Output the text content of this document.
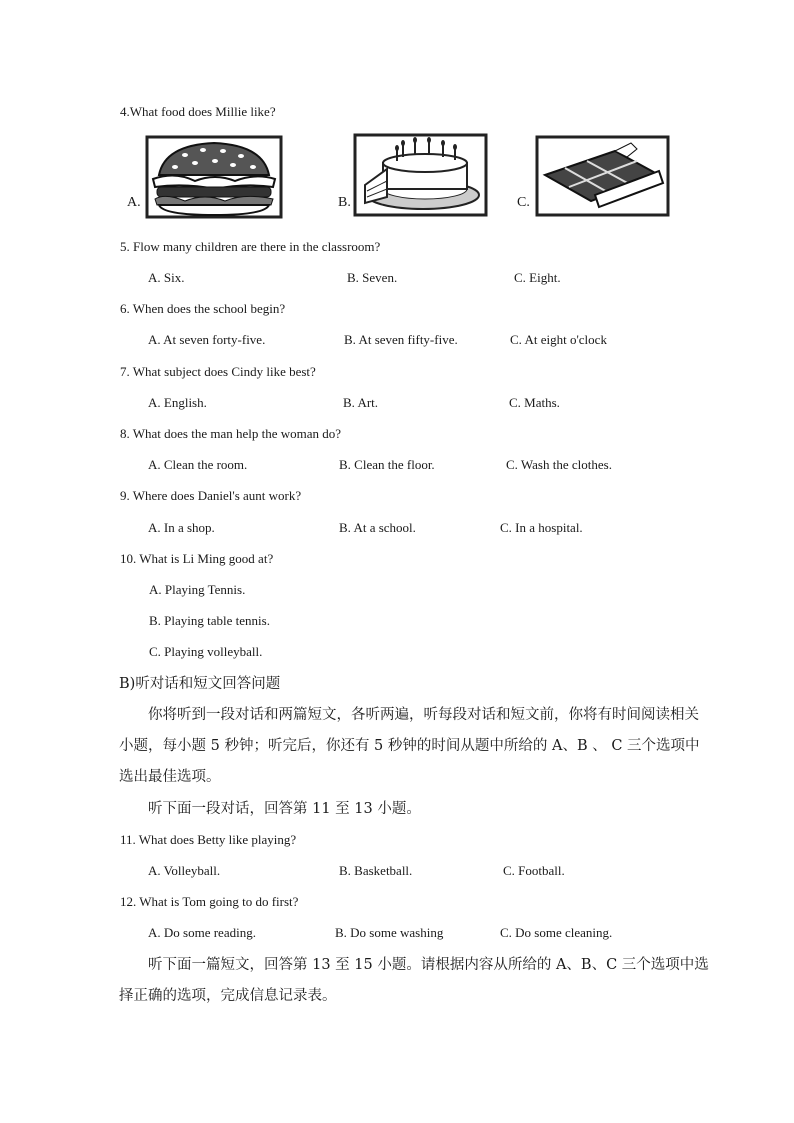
4.What food does Millie like?
A.	B.	C.
5. Flow many children are there in the classroom?
A. Six.	B. Seven.	C. Eight.
6. When does the school begin?
A. At seven forty-five.	B. At seven fifty-five.	C. At eight o'clock
7. What subject does Cindy like best?
A. English.	B. Art.	C. Maths.
8. What does the man help the woman do?
A. Clean the room.	B. Clean the floor.	C. Wash the clothes.
9. Where does Daniel's aunt work?
A. In a shop.	B. At a school.	C. In a hospital.
10. What is Li Ming good at?
A. Playing Tennis.
B. Playing table tennis.
C. Playing volleyball.
B)听对话和短文回答问题
你将听到一段对话和两篇短文，各听两遍，听每段对话和短文前，你将有时间阅读相关
小题，每小题 5 秒钟；听完后，你还有 5 秒钟的时间从题中所给的 A、B 、 C 三个选项中
选出最佳选项。
听下面一段对话，回答第 11 至 13 小题。
11. What does Betty like playing?
A. Volleyball.	B. Basketball.	C. Football.
12. What is Tom going to do first?
A. Do some reading.	B. Do some washing	C. Do some cleaning.
听下面一篇短文，回答第 13 至 15 小题。请根据内容从所给的 A、B、C 三个选项中选
择正确的选项，完成信息记录表。
